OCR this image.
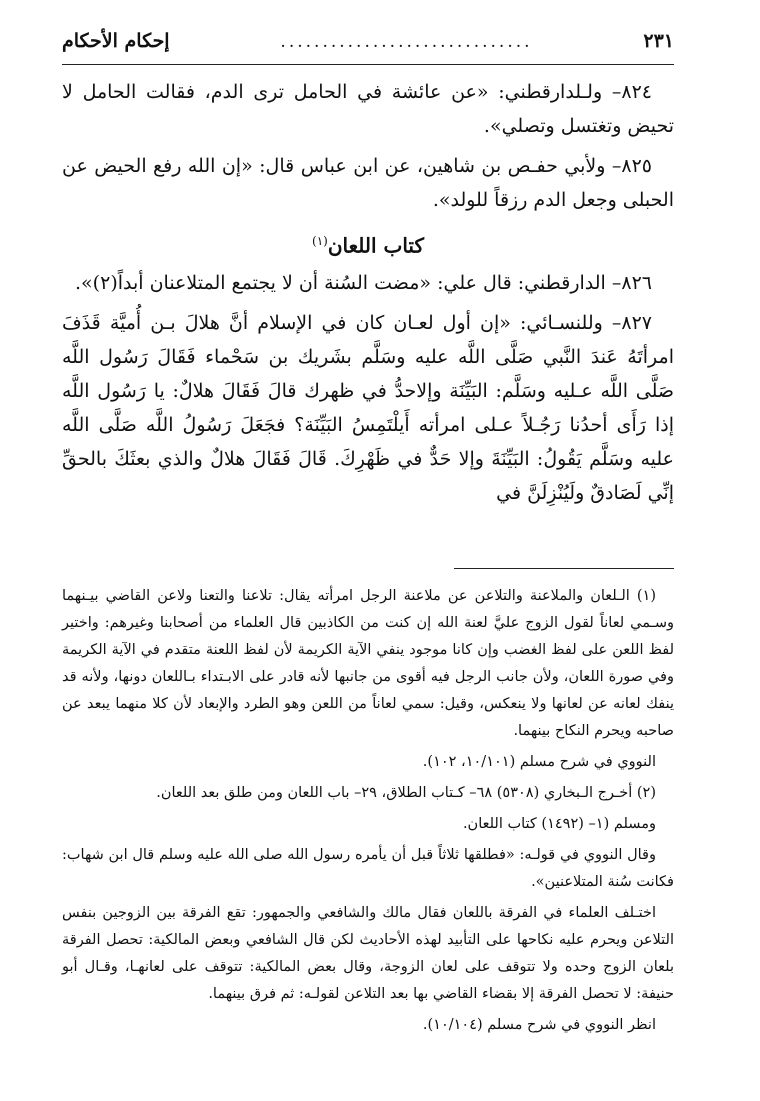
٢٣١
..............................
إحكام الأحكام

٨٢٤– ولـلدارقطني: «عن عائشة في الحامل ترى الدم، فقالت الحامل لا تحيض وتغتسل وتصلي».

٨٢٥– ولأبي حفـص بن شاهين، عن ابن عباس قال: «إن الله رفع الحيض عن الحبلى وجعل الدم رزقاً للولد».

كتاب اللعان$^{(١)}$

٨٢٦– الدارقطني: قال علي: «مضت السُنة أن لا يجتمع المتلاعنان أبداً(٢)».

٨٢٧– وللنسـائي: «إن أول لعـان كان في الإسلام أنَّ هلالَ بـن أُميَّة قَذَفَ امرأتَهُ عَندَ النَّبي صَلَّى اللَّه عليه وسَلَّم بشَريك بن سَحْماء فَقَالَ رَسُول اللَّه صَلَّى اللَّه عـليه وسَلَّم: البَيِّنَة وإلاحدُّ في ظهرك قالَ فَقَالَ هلالٌ: يا رَسُول اللَّه إذا رَأَى أحدُنا رَجُـلاً عـلى امرأته أَيلْتَمِسُ البَيِّنَة؟ فجَعَلَ رَسُولُ اللَّه صَلَّى اللَّه عليه وسَلَّم يَقُولُ: البَيِّنَةَ وإلا حَدٌّ في ظَهْرِكَ. قَالَ فَقَالَ هلالٌ والذي بعثَكَ بالحقِّ إنِّي لَصَادقٌ ولَيُنْزِلَنَّ في

(١) الـلعان والملاعنة والتلاعن عن ملاعنة الرجل امرأته يقال: تلاعنا والتعنا ولاعن القاضي بيـنهما وسـمي لعاناً لقول الزوج عليَّ لعنة الله إن كنت من الكاذبين قال العلماء من أصحابنا وغيرهم: واختير لفظ اللعن على لفظ الغضب وإن كانا موجود ينفي الآية الكريمة لأن لفظ اللعنة متقدم في الآية الكريمة وفي صورة اللعان، ولأن جانب الرجل فيه أقوى من جانبها لأنه قادر على الابـتداء بـاللعان دونها، ولأنه قد ينفك لعانه عن لعانها ولا ينعكس، وقيل: سمي لعاناً من اللعن وهو الطرد والإبعاد لأن كلا منهما يبعد عن صاحبه ويحرم النكاح بينهما.

النووي في شرح مسلم (١٠/١٠١، ١٠٢).

(٢) أخـرج الـبخاري (٥٣٠٨) ٦٨– كـتاب الطلاق، ٢٩– باب اللعان ومن طلق بعد اللعان.

ومسلم (١– (١٤٩٢) كتاب اللعان.

وقال النووي في قولـه: «فطلقها ثلاثاً قبل أن يأمره رسول الله صلى الله عليه وسلم قال ابن شهاب: فكانت سُنة المتلاعنين».

اختـلف العلماء في الفرقة باللعان فقال مالك والشافعي والجمهور: تقع الفرقة بين الزوجين بنفس التلاعن ويحرم عليه نكاحها على التأبيد لهذه الأحاديث لكن قال الشافعي وبعض المالكية: تحصل الفرقة بلعان الزوج وحده ولا تتوقف على لعان الزوجة، وقال بعض المالكية: تتوقف على لعانهـا، وقـال أبو حنيفة: لا تحصل الفرقة إلا بقضاء القاضي بها بعد التلاعن لقولـه: ثم فرق بينهما.

انظر النووي في شرح مسلم (١٠/١٠٤).
